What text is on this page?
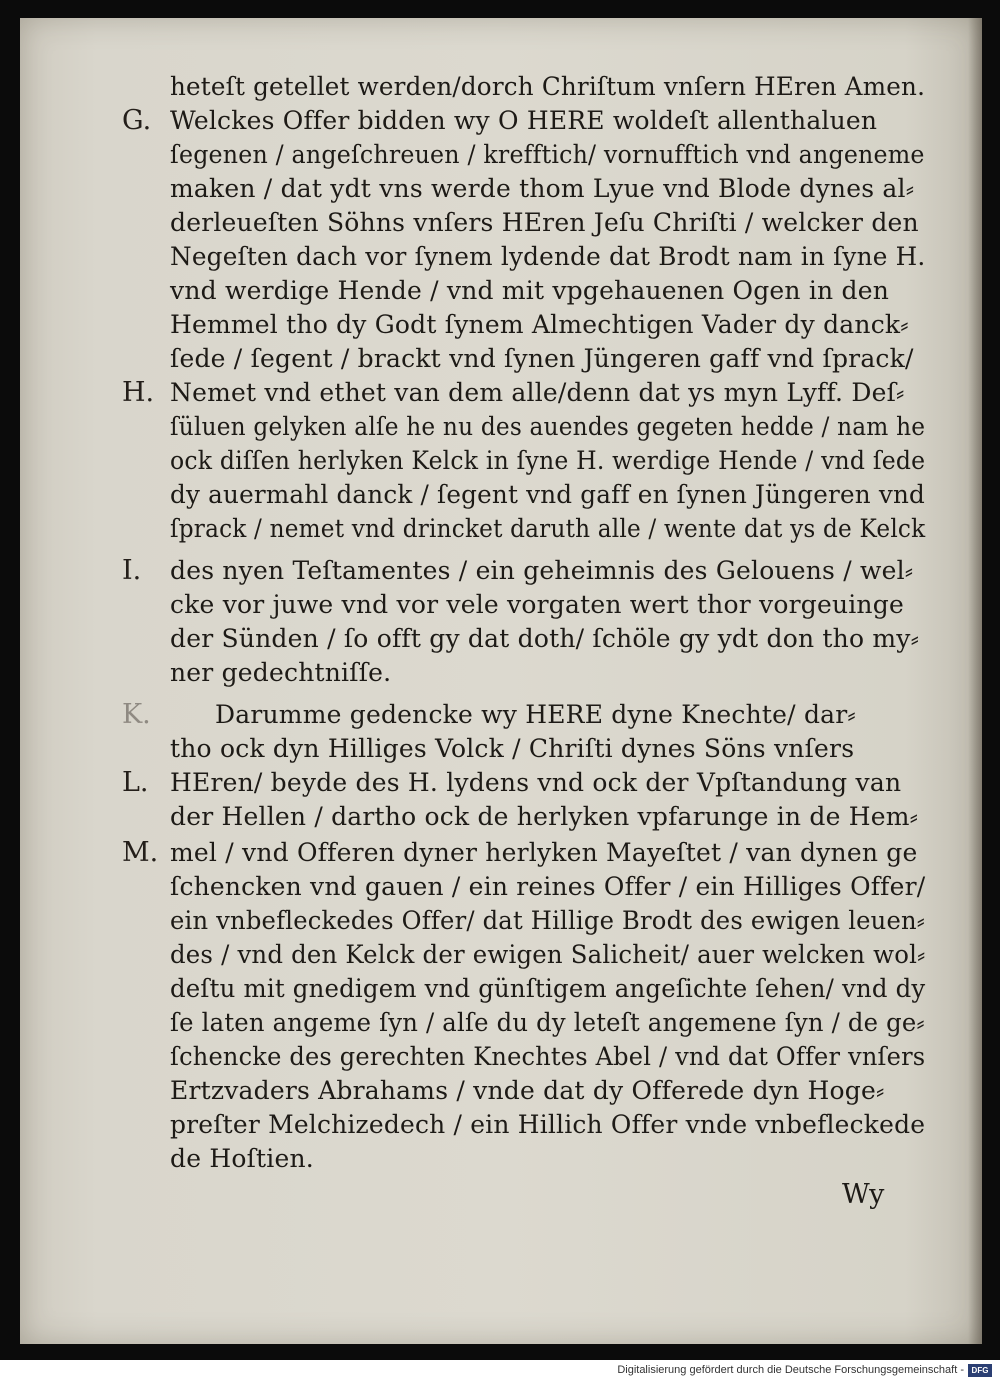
heteſt getellet werden/dorch Chriſtum vnſern HEren Amen.
G. Welckes Offer bidden wy O HERE woldeſt allenthaluen
ſegenen / angeſchreuen / krefftich/ vornufftich vnd angeneme
maken / dat ydt vns werde thom Lyue vnd Blode dynes al⸗
derleueſten Söhns vnſers HEren Jeſu Chriſti / welcker den
Negeſten dach vor ſynem lydende dat Brodt nam in ſyne H.
vnd werdige Hende / vnd mit vpgehauenen Ogen in den
Hemmel tho dy Godt ſynem Almechtigen Vader dy danck⸗
ſede / ſegent / brackt vnd ſynen Jüngeren gaff vnd ſprack/
H. Nemet vnd ethet van dem alle/denn dat ys myn Lyff. Deſ⸗
ſüluen gelyken alſe he nu des auendes gegeten hedde / nam he
ock diſſen herlyken Kelck in ſyne H. werdige Hende / vnd ſede
dy auermahl danck / ſegent vnd gaff en ſynen Jüngeren vnd
ſprack / nemet vnd drincket daruth alle / wente dat ys de Kelck
I. des nyen Teſtamentes / ein geheimnis des Gelouens / wel⸗
cke vor juwe vnd vor vele vorgaten wert thor vorgeuinge
der Sünden / ſo offt gy dat doth/ ſchöle gy ydt don tho my⸗
ner gedechtniſſe.
K.	Darumme gedencke wy HERE dyne Knechte/ dar⸗
tho ock dyn Hilliges Volck / Chriſti dynes Söns vnſers
L. HEren/ beyde des H. lydens vnd ock der Vpſtandung van
der Hellen / dartho ock de herlyken vpfarunge in de Hem⸗
M. mel / vnd Offeren dyner herlyken Mayeſtet / van dynen ge
ſchencken vnd gauen / ein reines Offer / ein Hilliges Offer/
ein vnbefleckedes Offer/ dat Hillige Brodt des ewigen leuen⸗
des / vnd den Kelck der ewigen Salicheit/ auer welcken wol⸗
deſtu mit gnedigem vnd günſtigem angeſichte ſehen/ vnd dy
ſe laten angeme ſyn / alſe du dy leteſt angemene ſyn / de ge⸗
ſchencke des gerechten Knechtes Abel / vnd dat Offer vnſers
Ertzvaders Abrahams / vnde dat dy Offerede dyn Hoge⸗
preſter Melchizedech / ein Hillich Offer vnde vnbefleckede
de Hoſtien.
Wy
Digitalisierung gefördert durch die Deutsche Forschungsgemeinschaft - DFG
